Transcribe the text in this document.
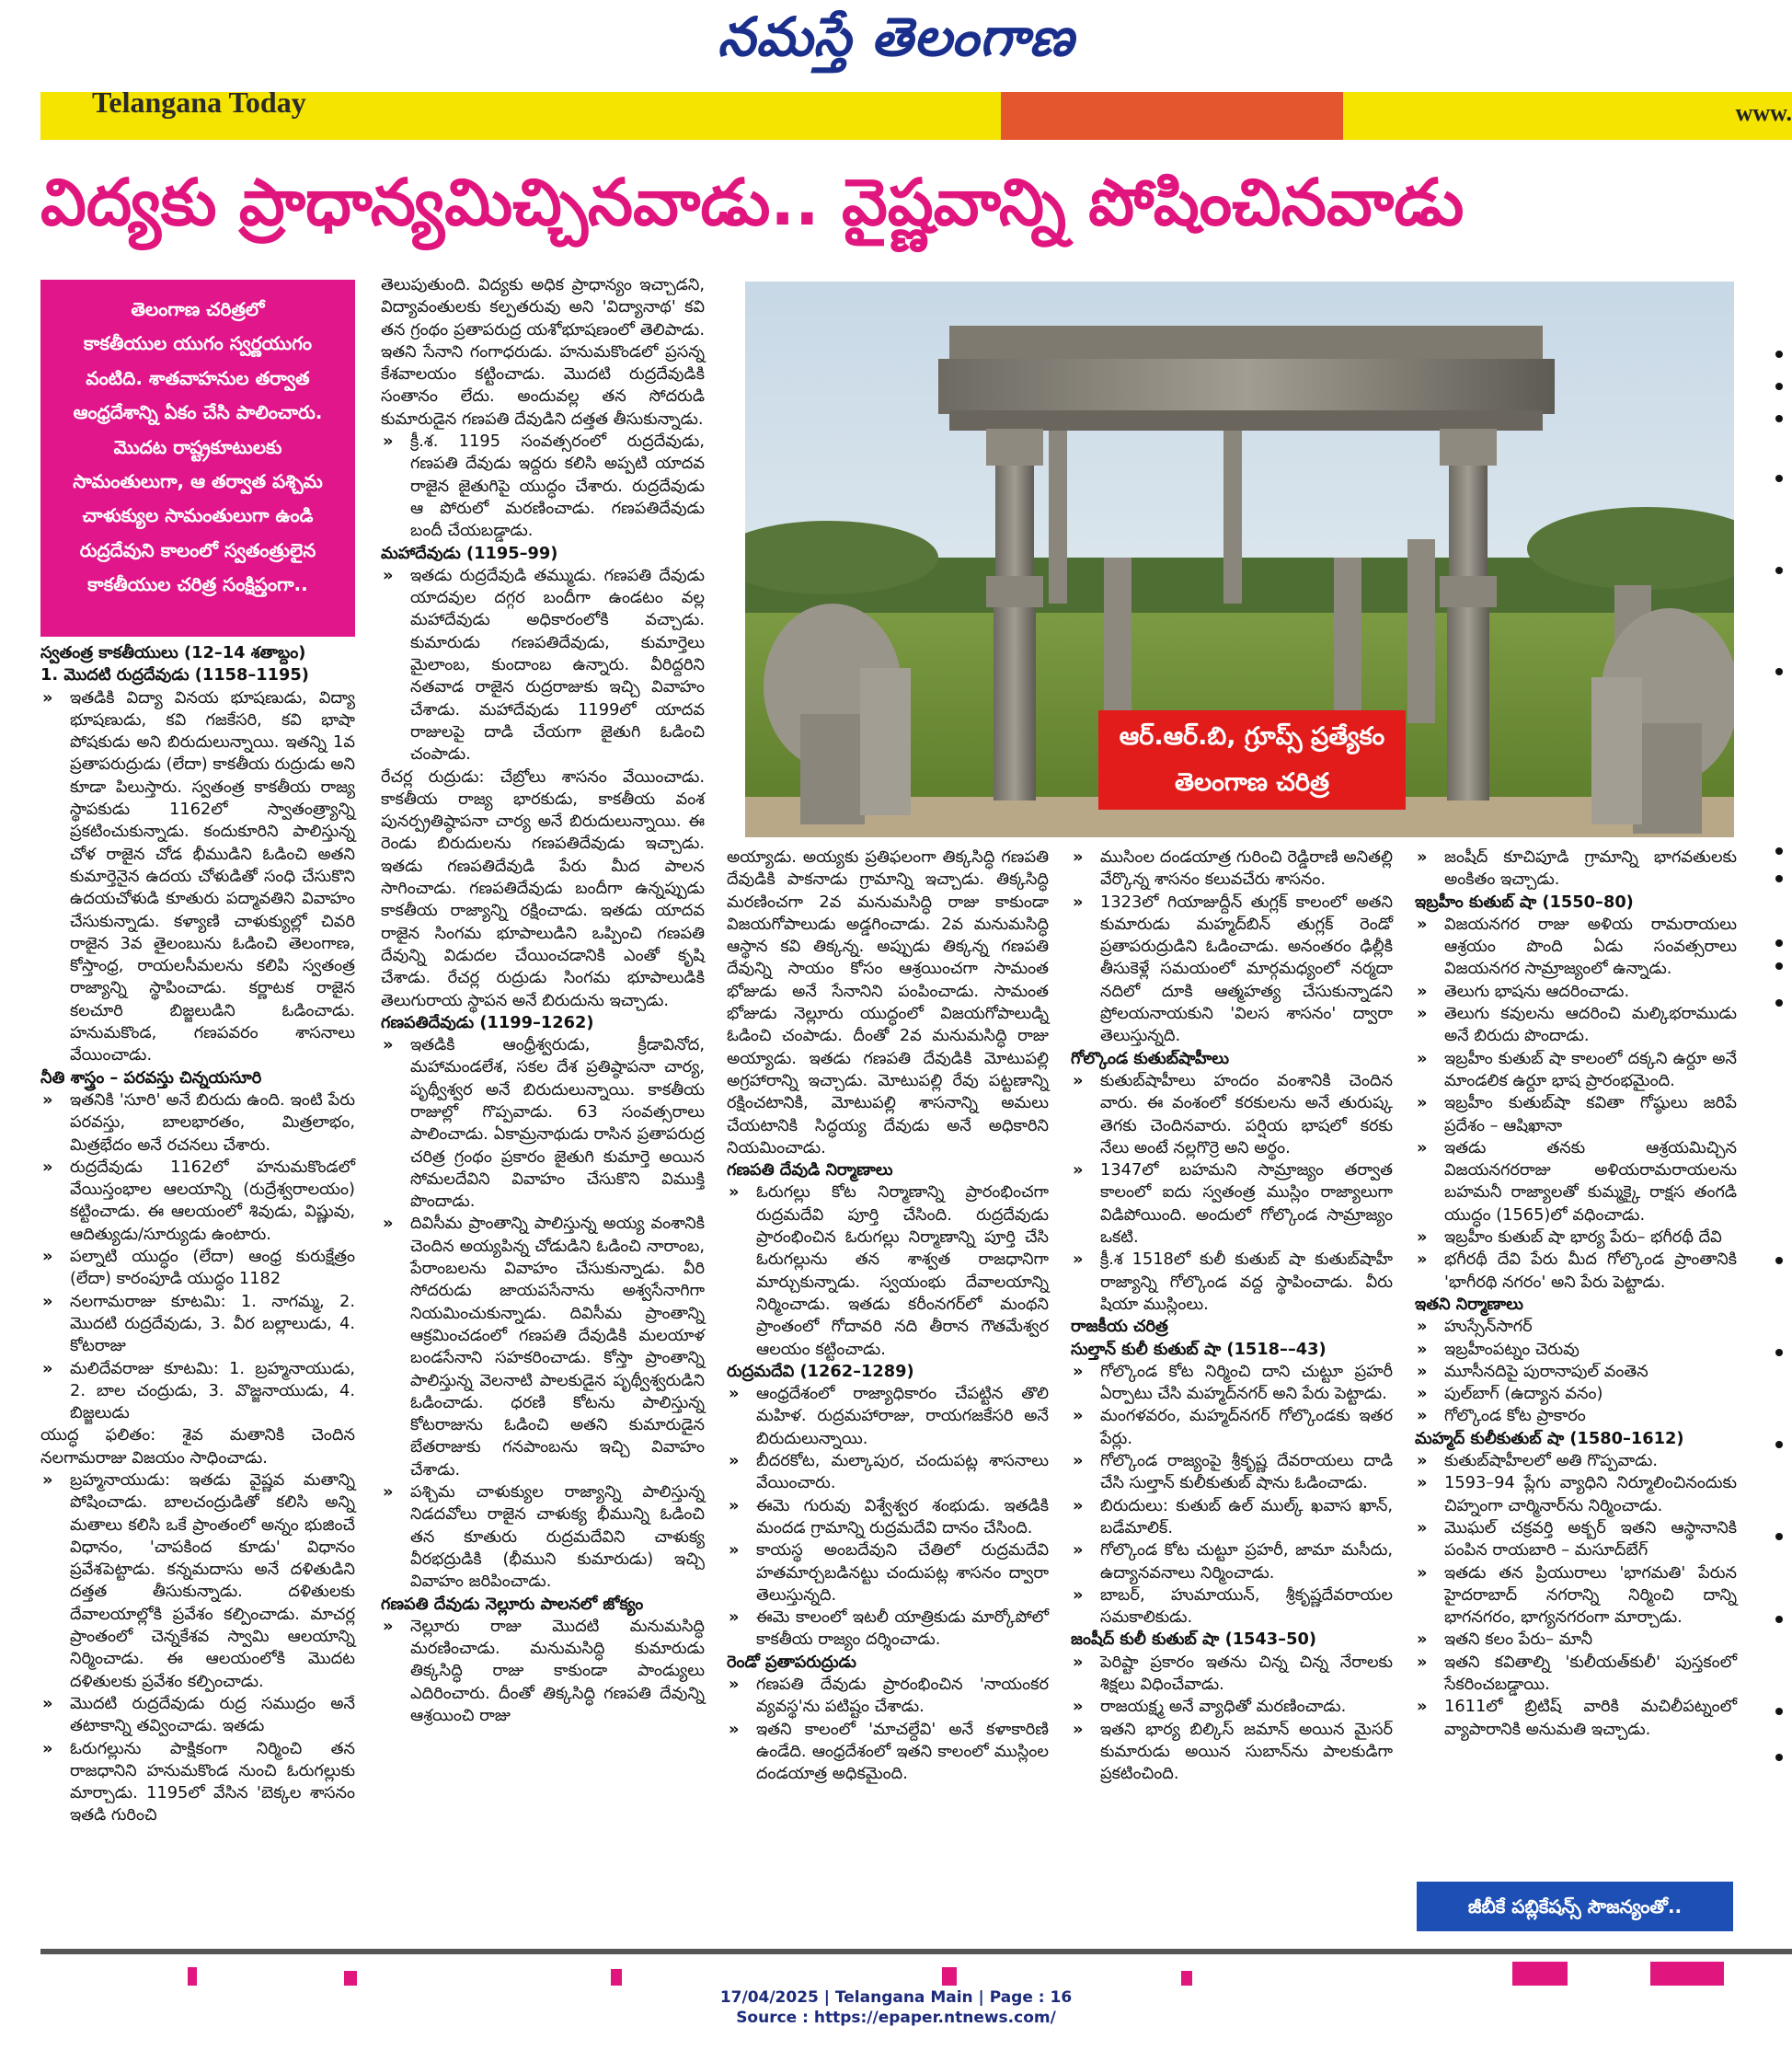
నమస్తే తెలంగాణ
Telangana Today	www.
విద్యకు ప్రాధాన్యమిచ్చినవాడు.. వైష్ణవాన్ని పోషించినవాడు
తెలంగాణ చరిత్రలో
కాకతీయుల యుగం స్వర్ణయుగం
వంటిది. శాతవాహనుల తర్వాత
ఆంధ్రదేశాన్ని ఏకం చేసి పాలించారు.
మొదట రాష్ట్రకూటులకు
సామంతులుగా, ఆ తర్వాత పశ్చిమ
చాళుక్యుల సామంతులుగా ఉండి
రుద్రదేవుని కాలంలో స్వతంత్రులైన
కాకతీయుల చరిత్ర సంక్షిప్తంగా..
ఆర్.ఆర్.బి, గ్రూప్స్ ప్రత్యేకం
తెలంగాణ చరిత్ర

స్వతంత్ర కాకతీయులు (12–14 శతాబ్దం)

1. మొదటి రుద్రదేవుడు (1158–1195)

» ఇతడికి విద్యా వినయ భూషణుడు, విద్యా భూషణుడు, కవి గజకేసరి, కవి భాషా పోషకుడు అని బిరుదులున్నాయి. ఇతన్ని 1వ ప్రతాపరుద్రుడు (లేదా) కాకతీయ రుద్రుడు అని కూడా పిలుస్తారు. స్వతంత్ర కాకతీయ రాజ్య స్థాపకుడు 1162లో స్వాతంత్ర్యాన్ని ప్రకటించుకున్నాడు. కందుకూరిని పాలిస్తున్న చోళ రాజైన చోడ భీముడిని ఓడించి అతని కుమార్తెనైన ఉదయ చోళుడితో సంధి చేసుకొని ఉదయచోళుడి కూతురు పద్మావతిని వివాహం చేసుకున్నాడు. కళ్యాణి చాళుక్యుల్లో చివరి రాజైన 3వ తైలంబును ఓడించి తెలంగాణ, కోస్తాంధ్ర, రాయలసీమలను కలిపి స్వతంత్ర రాజ్యాన్ని స్థాపించాడు. కర్ణాటక రాజైన కలచూరి బిజ్జలుడిని ఓడించాడు. హనుమకొండ, గణపవరం శాసనాలు వేయించాడు.

నీతి శాస్త్రం – పరవస్తు చిన్నయసూరి

» ఇతనికి 'సూరి' అనే బిరుదు ఉంది. ఇంటి పేరు పరవస్తు, బాలభారతం, మిత్రలాభం, మిత్రభేదం అనే రచనలు చేశారు.

» రుద్రదేవుడు 1162లో హనుమకొండలో వేయిస్తంభాల ఆలయాన్ని (రుద్రేశ్వరాలయం) కట్టించాడు. ఈ ఆలయంలో శివుడు, విష్ణువు, ఆదిత్యుడు/సూర్యుడు ఉంటారు.

» పల్నాటి యుద్ధం (లేదా) ఆంధ్ర కురుక్షేత్రం (లేదా) కారంపూడి యుద్ధం 1182

» నలగామరాజు కూటమి: 1. నాగమ్మ, 2. మొదటి రుద్రదేవుడు, 3. వీర బల్లాలుడు, 4. కోటరాజు

» మలిదేవరాజు కూటమి: 1. బ్రహ్మనాయుడు, 2. బాల చంద్రుడు, 3. వొజ్జనాయుడు, 4. బిజ్జలుడు

యుద్ధ ఫలితం: శైవ మతానికి చెందిన నలగామరాజు విజయం సాధించాడు.

» బ్రహ్మనాయుడు: ఇతడు వైష్ణవ మతాన్ని పోషించాడు. బాలచంద్రుడితో కలిసి అన్ని మతాలు కలిసి ఒకే ప్రాంతంలో అన్నం భుజించే విధానం, 'చాపకింద కూడు' విధానం ప్రవేశపెట్టాడు. కన్నమదాసు అనే దళితుడిని దత్తత తీసుకున్నాడు. దళితులకు దేవాలయాల్లోకి ప్రవేశం కల్పించాడు. మాచర్ల ప్రాంతంలో చెన్నకేశవ స్వామి ఆలయాన్ని నిర్మించాడు. ఈ ఆలయంలోకి మొదట దళితులకు ప్రవేశం కల్పించాడు.

» మొదటి రుద్రదేవుడు రుద్ర సముద్రం అనే తటాకాన్ని తవ్వించాడు. ఇతడు

» ఓరుగల్లును పాక్షికంగా నిర్మించి తన రాజధానిని హనుమకొండ నుంచి ఓరుగల్లుకు మార్చాడు. 1195లో వేసిన 'బెక్కల శాసనం ఇతడి గురించి

తెలుపుతుంది. విద్యకు అధిక ప్రాధాన్యం ఇచ్చాడని, విద్యావంతులకు కల్పతరువు అని 'విద్యానాథ' కవి తన గ్రంథం ప్రతాపరుద్ర యశోభూషణంలో తెలిపాడు. ఇతని సేనాని గంగాధరుడు. హనుమకొండలో ప్రసన్న కేశవాలయం కట్టించాడు. మొదటి రుద్రదేవుడికి సంతానం లేదు. అందువల్ల తన సోదరుడి కుమారుడైన గణపతి దేవుడిని దత్తత తీసుకున్నాడు.

» క్రీ.శ. 1195 సంవత్సరంలో రుద్రదేవుడు, గణపతి దేవుడు ఇద్దరు కలిసి అప్పటి యాదవ రాజైన జైతుగిపై యుద్ధం చేశారు. రుద్రదేవుడు ఆ పోరులో మరణించాడు. గణపతిదేవుడు బందీ చేయబడ్డాడు.

మహాదేవుడు (1195–99)

» ఇతడు రుద్రదేవుడి తమ్ముడు. గణపతి దేవుడు యాదవుల దగ్గర బందీగా ఉండటం వల్ల మహాదేవుడు అధికారంలోకి వచ్చాడు. కుమారుడు గణపతిదేవుడు, కుమార్తెలు మైలాంబ, కుందాంబ ఉన్నారు. వీరిద్దరిని నతవాడ రాజైన రుద్రరాజుకు ఇచ్చి వివాహం చేశాడు. మహాదేవుడు 1199లో యాదవ రాజులపై దాడి చేయగా జైతుగి ఓడించి చంపాడు.

రేచర్ల రుద్రుడు: చేబ్రోలు శాసనం వేయించాడు. కాకతీయ రాజ్య భారకుడు, కాకతీయ వంశ పునర్ప్రతిష్ఠాపనా చార్య అనే బిరుదులున్నాయి. ఈ రెండు బిరుదులను గణపతిదేవుడు ఇచ్చాడు. ఇతడు గణపతిదేవుడి పేరు మీద పాలన సాగించాడు. గణపతిదేవుడు బందీగా ఉన్నప్పుడు కాకతీయ రాజ్యాన్ని రక్షించాడు. ఇతడు యాదవ రాజైన సింగమ భూపాలుడిని ఒప్పించి గణపతి దేవున్ని విడుదల చేయించడానికి ఎంతో కృషి చేశాడు. రేచర్ల రుద్రుడు సింగమ భూపాలుడికి తెలుగురాయ స్థాపన అనే బిరుదును ఇచ్చాడు.

గణపతిదేవుడు (1199–1262)

» ఇతడికి ఆంధ్రీశ్వరుడు, క్రీడావినోద, మహామండలేశ, సకల దేశ ప్రతిష్ఠాపనా చార్య, పృథ్వీశ్వర అనే బిరుదులున్నాయి. కాకతీయ రాజుల్లో గొప్పవాడు. 63 సంవత్సరాలు పాలించాడు. ఏకామ్రనాథుడు రాసిన ప్రతాపరుద్ర చరిత్ర గ్రంథం ప్రకారం జైతుగి కుమార్తె అయిన సోమలదేవిని వివాహం చేసుకొని విముక్తి పొందాడు.

» దివిసీమ ప్రాంతాన్ని పాలిస్తున్న అయ్య వంశానికి చెందిన అయ్యపిన్న చోడుడిని ఓడించి నారాంబ, పేరాంబలను వివాహం చేసుకున్నాడు. వీరి సోదరుడు జాయపసేనాను అశ్వసేనాగిగా నియమించుకున్నాడు. దివిసీమ ప్రాంతాన్ని ఆక్రమించడంలో గణపతి దేవుడికి మలయాళ బండసేనాని సహకరించాడు. కోస్తా ప్రాంతాన్ని పాలిస్తున్న వెలనాటి పాలకుడైన పృథ్వీశ్వరుడిని ఓడించాడు. ధరణి కోటను పాలిస్తున్న కోటరాజును ఓడించి అతని కుమారుడైన బేతరాజుకు గనపాంబను ఇచ్చి వివాహం చేశాడు.

» పశ్చిమ చాళుక్యుల రాజ్యాన్ని పాలిస్తున్న నిడదవోలు రాజైన చాళుక్య భీమున్ని ఓడించి తన కూతురు రుద్రమదేవిని చాళుక్య వీరభద్రుడికి (భీముని కుమారుడు) ఇచ్చి వివాహం జరిపించాడు.

గణపతి దేవుడు నెల్లూరు పాలనలో జోక్యం

» నెల్లూరు రాజు మొదటి మనుమసిద్ధి మరణించాడు. మనుమసిద్ధి కుమారుడు తిక్కసిద్ధి రాజు కాకుండా పాండ్యులు ఎదిరించారు. దీంతో తిక్కసిద్ధి గణపతి దేవున్ని ఆశ్రయించి రాజు

అయ్యాడు. అయ్యకు ప్రతిఫలంగా తిక్కసిద్ధి గణపతి దేవుడికి పాకనాడు గ్రామాన్ని ఇచ్చాడు. తిక్కసిద్ధి మరణించగా 2వ మనుమసిద్ధి రాజు కాకుండా విజయగోపాలుడు అడ్డగించాడు. 2వ మనుమసిద్ధి ఆస్థాన కవి తిక్కన్న. అప్పుడు తిక్కన్న గణపతి దేవున్ని సాయం కోసం ఆశ్రయించగా సామంత భోజుడు అనే సేనానిని పంపించాడు. సామంత భోజుడు నెల్లూరు యుద్ధంలో విజయగోపాలుడ్ని ఓడించి చంపాడు. దీంతో 2వ మనుమసిద్ధి రాజు అయ్యాడు. ఇతడు గణపతి దేవుడికి మోటుపల్లి అగ్రహారాన్ని ఇచ్చాడు. మోటుపల్లి రేవు పట్టణాన్ని రక్షించటానికి, మోటుపల్లి శాసనాన్ని అమలు చేయటానికి సిద్ధయ్య దేవుడు అనే అధికారిని నియమించాడు.

గణపతి దేవుడి నిర్మాణాలు

» ఓరుగల్లు కోట నిర్మాణాన్ని ప్రారంభించగా రుద్రమదేవి పూర్తి చేసింది. రుద్రదేవుడు ప్రారంభించిన ఓరుగల్లు నిర్మాణాన్ని పూర్తి చేసి ఓరుగల్లును తన శాశ్వత రాజధానిగా మార్చుకున్నాడు. స్వయంభు దేవాలయాన్ని నిర్మించాడు. ఇతడు కరీంనగర్‌లో మంథని ప్రాంతంలో గోదావరి నది తీరాన గౌతమేశ్వర ఆలయం కట్టించాడు.

రుద్రమదేవి (1262–1289)

» ఆంధ్రదేశంలో రాజ్యాధికారం చేపట్టిన తొలి మహిళ. రుద్రమహారాజు, రాయగజకేసరి అనే బిరుదులున్నాయి.

» బీదరకోట, మల్కాపుర, చందుపట్ల శాసనాలు వేయించారు.

» ఈమె గురువు విశ్వేశ్వర శంభుడు. ఇతడికి మందడ గ్రామాన్ని రుద్రమదేవి దానం చేసింది.

» కాయస్థ అంబదేవుని చేతిలో రుద్రమదేవి హతమార్చబడినట్టు చందుపట్ల శాసనం ద్వారా తెలుస్తున్నది.

» ఈమె కాలంలో ఇటలీ యాత్రికుడు మార్కోపోలో కాకతీయ రాజ్యం దర్శించాడు.

రెండో ప్రతాపరుద్రుడు

» గణపతి దేవుడు ప్రారంభించిన 'నాయంకర వ్యవస్థ'ను పటిష్టం చేశాడు.

» ఇతని కాలంలో 'మాచల్దేవి' అనే కళాకారిణి ఉండేది. ఆంధ్రదేశంలో ఇతని కాలంలో ముస్లింల దండయాత్ర అధికమైంది.

» ముసింల దండయాత్ర గురించి రెడ్డిరాణి అనితల్లి వేర్కొన్న శాసనం కలువచేరు శాసనం.

» 1323లో గియాజుద్దీన్ తుగ్లక్ కాలంలో అతని కుమారుడు మహ్మద్‌బిన్ తుగ్లక్ రెండో ప్రతాపరుద్రుడిని ఓడించాడు. అనంతరం ఢిల్లీకి తీసుకెళ్లే సమయంలో మార్గమధ్యంలో నర్మదా నదిలో దూకి ఆత్మహత్య చేసుకున్నాడని ప్రోలయనాయకుని 'విలస శాసనం' ద్వారా తెలుస్తున్నది.

గోల్కొండ కుతుబ్‌షాహీలు

» కుతుబ్‌షాహీలు హందం వంశానికి చెందిన వారు. ఈ వంశంలో కరకులను అనే తురుష్క తెగకు చెందినవారు. పర్షియ భాషలో కరకు నేలు అంటే నల్లగొర్రె అని అర్థం.

» 1347లో బహమని సామ్రాజ్యం తర్వాత కాలంలో ఐదు స్వతంత్ర ముస్లిం రాజ్యాలుగా విడిపోయింది. అందులో గోల్కొండ సామ్రాజ్యం ఒకటి.

» క్రీ.శ 1518లో కులీ కుతుబ్ షా కుతుబ్‌షాహీ రాజ్యాన్ని గోల్కొండ వద్ద స్థాపించాడు. వీరు షియా ముస్లింలు.

రాజకీయ చరిత్ర

సుల్తాన్ కులీ కుతుబ్ షా (1518––43)

» గోల్కొండ కోట నిర్మించి దాని చుట్టూ ప్రహరీ ఏర్పాటు చేసి మహ్మద్‌నగర్ అని పేరు పెట్టాడు.

» మంగళవరం, మహ్మద్‌నగర్ గోల్కొండకు ఇతర పేర్లు.

» గోల్కొండ రాజ్యంపై శ్రీకృష్ణ దేవరాయలు దాడి చేసి సుల్తాన్ కులీకుతుబ్ షాను ఓడించాడు.

» బిరుదులు: కుతుబ్ ఉల్ ముల్క్ ఖవాస ఖాన్, బడేమాలిక్.

» గోల్కొండ కోట చుట్టూ ప్రహరీ, జామా మసీదు, ఉద్యానవనాలు నిర్మించాడు.

» బాబర్, హుమాయున్, శ్రీకృష్ణదేవరాయల సమకాలికుడు.

జంషీద్ కులీ కుతుబ్ షా (1543–50)

» పెరిష్టా ప్రకారం ఇతను చిన్న చిన్న నేరాలకు శిక్షలు విధించేవాడు.

» రాజయక్ష్మ అనే వ్యాధితో మరణించాడు.

» ఇతని భార్య బిల్కిస్ జమాన్ అయిన మైసర్ కుమారుడు అయిన సుబాన్‌ను పాలకుడిగా ప్రకటించింది.

» జంషీద్ కూచిపూడి గ్రామాన్ని భాగవతులకు అంకితం ఇచ్చాడు.

ఇబ్రహీం కుతుబ్ షా (1550–80)

» విజయనగర రాజు అళియ రామరాయలు ఆశ్రయం పొంది ఏడు సంవత్సరాలు విజయనగర సామ్రాజ్యంలో ఉన్నాడు.

» తెలుగు భాషను ఆదరించాడు.

» తెలుగు కవులను ఆదరించి మల్కిభరాముడు అనే బిరుదు పొందాడు.

» ఇబ్రహీం కుతుబ్ షా కాలంలో దక్కని ఉర్దూ అనే మాండలిక ఉర్దూ భాష ప్రారంభమైంది.

» ఇబ్రహీం కుతుబ్‌షా కవితా గోష్ఠులు జరిపే ప్రదేశం – ఆషిఖానా

» ఇతడు తనకు ఆశ్రయమిచ్చిన విజయనగరరాజు అళియరామరాయలను బహమనీ రాజ్యాలతో కుమ్మక్కై రాక్షస తంగడి యుద్ధం (1565)లో వధించాడు.

» ఇబ్రహీం కుతుబ్ షా భార్య పేరు– భగీరథీ దేవి

» భగీరథీ దేవి పేరు మీద గోల్కొండ ప్రాంతానికి 'భాగీరథి నగరం' అని పేరు పెట్టాడు.

ఇతని నిర్మాణాలు

» హుస్సేన్‌సాగర్

» ఇబ్రహీంపట్నం చెరువు

» మూసీనదిపై పురానాపుల్ వంతెన

» పుల్‌బాగ్ (ఉద్యాన వనం)

» గోల్కొండ కోట ప్రాకారం

మహ్మద్ కులీకుతుబ్ షా (1580–1612)

» కుతుబ్‌షాహీలలో అతి గొప్పవాడు.

» 1593–94 ప్లేగు వ్యాధిని నిర్మూలించినందుకు చిహ్నంగా చార్మినార్‌ను నిర్మించాడు.

» మొఘల్ చక్రవర్తి అక్బర్ ఇతని ఆస్థానానికి పంపిన రాయబారి – మసూద్‌బేగ్

» ఇతడు తన ప్రియురాలు 'భాగమతి' పేరున హైదరాబాద్ నగరాన్ని నిర్మించి దాన్ని భాగనగరం, భాగ్యనగరంగా మార్చాడు.

» ఇతని కలం పేరు– మానీ

» ఇతని కవితాల్ని 'కులీయత్‌కులీ' పుస్తకంలో సేకరించబడ్డాయి.

» 1611లో బ్రిటిష్ వారికి మచిలీపట్నంలో వ్యాపారానికి అనుమతి ఇచ్చాడు.

జీబీకే పబ్లికేషన్స్ సౌజన్యంతో..
17/04/2025 | Telangana Main | Page : 16
Source : https://epaper.ntnews.com/
